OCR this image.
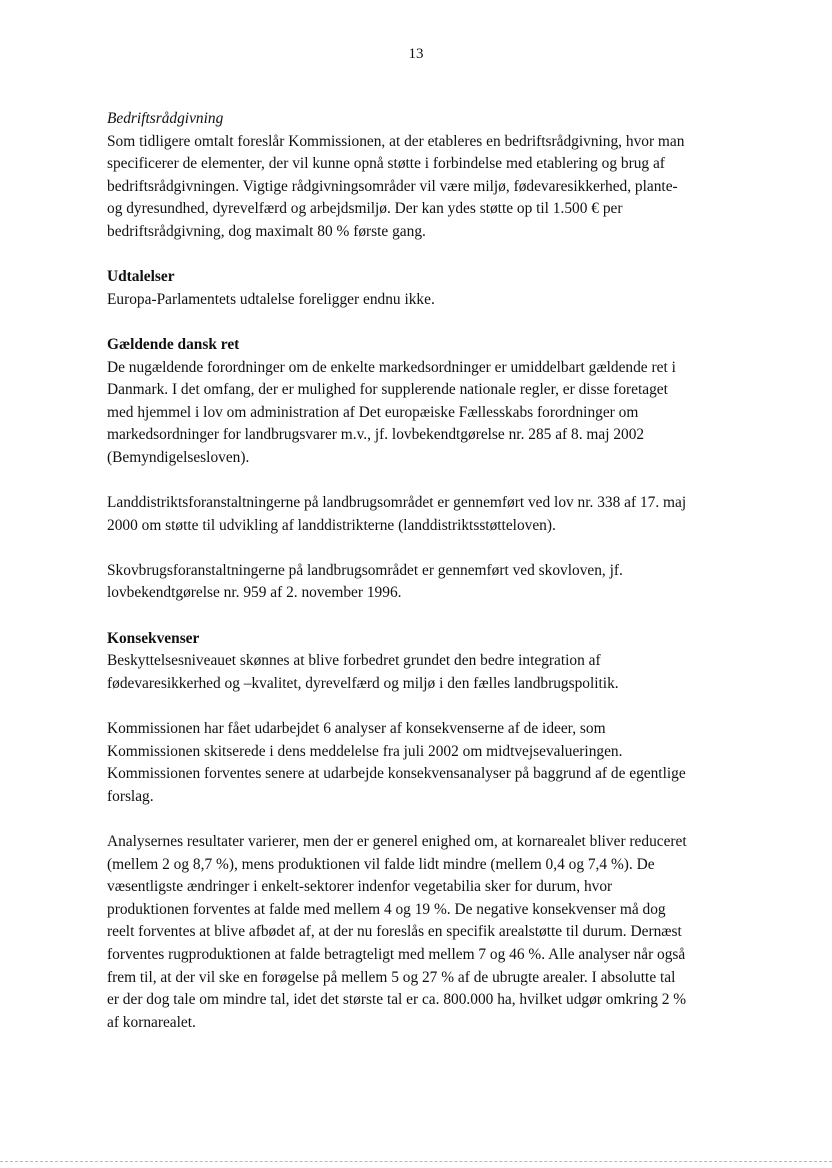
13

Bedriftsrådgivning

Som tidligere omtalt foreslår Kommissionen, at der etableres en bedriftsrådgivning, hvor man
specificerer de elementer, der vil kunne opnå støtte i forbindelse med etablering og brug af
bedriftsrådgivningen. Vigtige rådgivningsområder vil være miljø, fødevaresikkerhed, plante-
og dyresundhed, dyrevelfærd og arbejdsmiljø. Der kan ydes støtte op til 1.500 € per
bedriftsrådgivning, dog maximalt 80 % første gang.

Udtalelser

Europa-Parlamentets udtalelse foreligger endnu ikke.

Gældende dansk ret

De nugældende forordninger om de enkelte markedsordninger er umiddelbart gældende ret i
Danmark. I det omfang, der er mulighed for supplerende nationale regler, er disse foretaget
med hjemmel i lov om administration af Det europæiske Fællesskabs forordninger om
markedsordninger for landbrugsvarer m.v., jf. lovbekendtgørelse nr. 285 af 8. maj 2002
(Bemyndigelsesloven).

Landdistriktsforanstaltningerne på landbrugsområdet er gennemført ved lov nr. 338 af 17. maj
2000 om støtte til udvikling af landdistrikterne (landdistriktsstøtteloven).

Skovbrugsforanstaltningerne på landbrugsområdet er gennemført ved skovloven, jf.
lovbekendtgørelse nr. 959 af 2. november 1996.

Konsekvenser

Beskyttelsesniveauet skønnes at blive forbedret grundet den bedre integration af
fødevaresikkerhed og –kvalitet, dyrevelfærd og miljø i den fælles landbrugspolitik.

Kommissionen har fået udarbejdet 6 analyser af konsekvenserne af de ideer, som
Kommissionen skitserede i dens meddelelse fra juli 2002 om midtvejsevalueringen.
Kommissionen forventes senere at udarbejde konsekvensanalyser på baggrund af de egentlige
forslag.

Analysernes resultater varierer, men der er generel enighed om, at kornarealet bliver reduceret
(mellem 2 og 8,7 %), mens produktionen vil falde lidt mindre (mellem 0,4 og 7,4 %). De
væsentligste ændringer i enkelt-sektorer indenfor vegetabilia sker for durum, hvor
produktionen forventes at falde med mellem 4 og 19 %. De negative konsekvenser må dog
reelt forventes at blive afbødet af, at der nu foreslås en specifik arealstøtte til durum. Dernæst
forventes rugproduktionen at falde betragteligt med mellem 7 og 46 %. Alle analyser når også
frem til, at der vil ske en forøgelse på mellem 5 og 27 % af de ubrugte arealer. I absolutte tal
er der dog tale om mindre tal, idet det største tal er ca. 800.000 ha, hvilket udgør omkring 2 %
af kornarealet.
